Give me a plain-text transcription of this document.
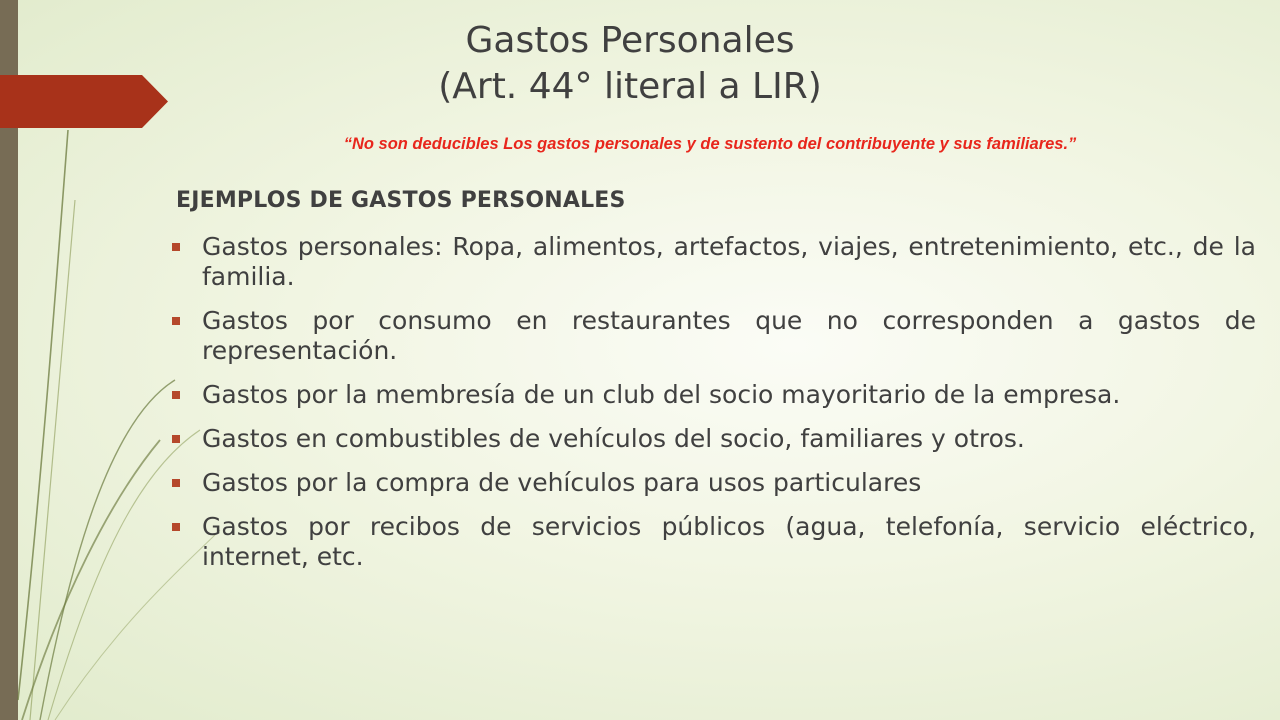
Gastos Personales
(Art. 44° literal a LIR)

“No son deducibles Los gastos personales y de sustento del contribuyente y sus familiares.”

EJEMPLOS DE GASTOS PERSONALES
Gastos personales: Ropa, alimentos, artefactos, viajes, entretenimiento, etc., de la familia.
Gastos por consumo en restaurantes que no corresponden a gastos de representación.
Gastos por la membresía de un club del socio mayoritario de la empresa.
Gastos en combustibles de vehículos del socio, familiares y otros.
Gastos por la compra de vehículos para usos particulares
Gastos por recibos de servicios públicos (agua, telefonía, servicio eléctrico, internet, etc.
